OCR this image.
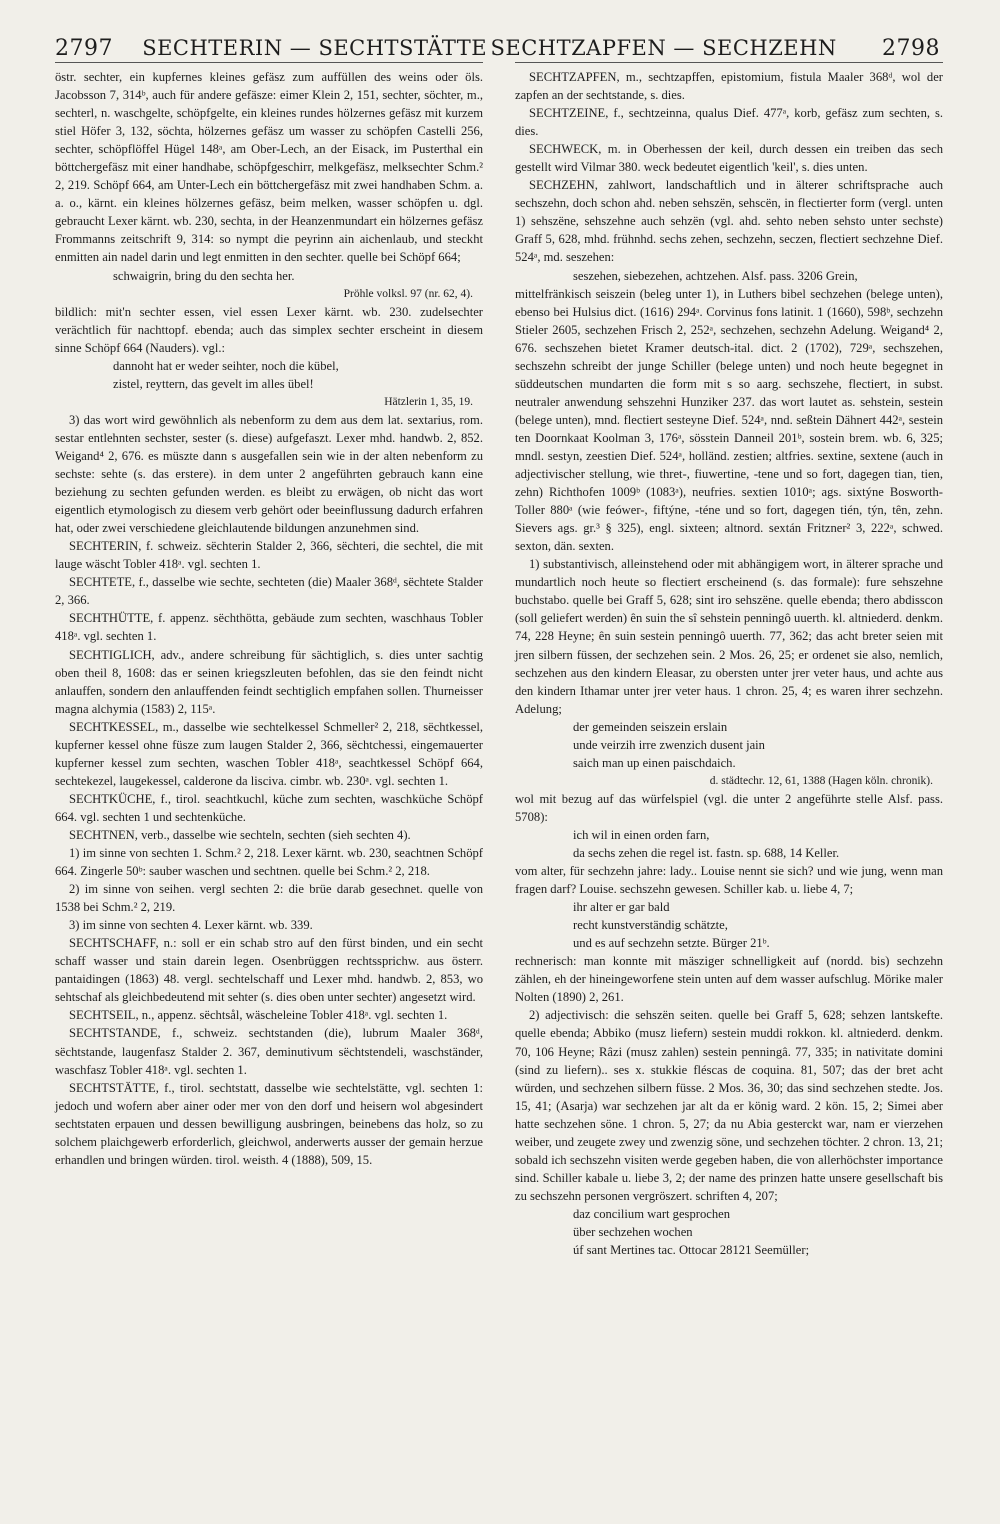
2797 SECHTERIN — SECHTSTÄTTE SECHTZAPFEN — SECHZEHN 2798

östr. sechter, ein kupfernes kleines gefäsz zum auffüllen des weins oder öls. Jacobsson 7, 314ᵇ, auch für andere gefäsze: eimer Klein 2, 151, sechter, söchter, m., sechterl, n. waschgelte, schöpfgelte, ein kleines rundes hölzernes gefäsz mit kurzem stiel Höfer 3, 132, söchta, hölzernes gefäsz um wasser zu schöpfen Castelli 256, sechter, schöpflöffel Hügel 148ᵃ, am Ober-Lech, an der Eisack, im Pusterthal ein böttchergefäsz mit einer handhabe, schöpfgeschirr, melkgefäsz, melksechter Schm.² 2, 219. Schöpf 664, am Unter-Lech ein böttchergefäsz mit zwei handhaben Schm. a. a. o., kärnt. ein kleines hölzernes gefäsz, beim melken, wasser schöpfen u. dgl. gebraucht Lexer kärnt. wb. 230, sechta, in der Heanzenmundart ein hölzernes gefäsz Frommanns zeitschrift 9, 314: so nympt die peyrinn ain aichenlaub, und steckht enmitten ain nadel darin und legt enmitten in den sechter. quelle bei Schöpf 664;

schwaigrin, bring du den sechta her.

Pröhle volksl. 97 (nr. 62, 4).

bildlich: mit'n sechter essen, viel essen Lexer kärnt. wb. 230. zudelsechter verächtlich für nachttopf. ebenda; auch das simplex sechter erscheint in diesem sinne Schöpf 664 (Nauders). vgl.:

dannoht hat er weder seihter, noch die kübel,

zistel, reyttern, das gevelt im alles übel!

Hätzlerin 1, 35, 19.

3) das wort wird gewöhnlich als nebenform zu dem aus dem lat. sextarius, rom. sestar entlehnten sechster, sester (s. diese) aufgefaszt. Lexer mhd. handwb. 2, 852. Weigand⁴ 2, 676. es müszte dann s ausgefallen sein wie in der alten nebenform zu sechste: sehte (s. das erstere). in dem unter 2 angeführten gebrauch kann eine beziehung zu sechten gefunden werden. es bleibt zu erwägen, ob nicht das wort eigentlich etymologisch zu diesem verb gehört oder beeinflussung dadurch erfahren hat, oder zwei verschiedene gleichlautende bildungen anzunehmen sind.

SECHTERIN, f. schweiz. sëchterin Stalder 2, 366, sëchteri, die sechtel, die mit lauge wäscht Tobler 418ᵃ. vgl. sechten 1.

SECHTETE, f., dasselbe wie sechte, sechteten (die) Maaler 368ᵈ, sëchtete Stalder 2, 366.

SECHTHÜTTE, f. appenz. sëchthötta, gebäude zum sechten, waschhaus Tobler 418ᵃ. vgl. sechten 1.

SECHTIGLICH, adv., andere schreibung für sächtiglich, s. dies unter sachtig oben theil 8, 1608: das er seinen kriegszleuten befohlen, das sie den feindt nicht anlauffen, sondern den anlauffenden feindt sechtiglich empfahen sollen. Thurneisser magna alchymia (1583) 2, 115ᵃ.

SECHTKESSEL, m., dasselbe wie sechtelkessel Schmeller² 2, 218, sëchtkessel, kupferner kessel ohne füsze zum laugen Stalder 2, 366, sëchtchessi, eingemauerter kupferner kessel zum sechten, waschen Tobler 418ᵃ, seachtkessel Schöpf 664, sechtekezel, laugekessel, calderone da lisciva. cimbr. wb. 230ᵃ. vgl. sechten 1.

SECHTKÜCHE, f., tirol. seachtkuchl, küche zum sechten, waschküche Schöpf 664. vgl. sechten 1 und sechtenküche.

SECHTNEN, verb., dasselbe wie sechteln, sechten (sieh sechten 4).

1) im sinne von sechten 1. Schm.² 2, 218. Lexer kärnt. wb. 230, seachtnen Schöpf 664. Zingerle 50ᵇ: sauber waschen und sechtnen. quelle bei Schm.² 2, 218.

2) im sinne von seihen. vergl sechten 2: die brüe darab gesechnet. quelle von 1538 bei Schm.² 2, 219.

3) im sinne von sechten 4. Lexer kärnt. wb. 339.

SECHTSCHAFF, n.: soll er ein schab stro auf den fürst binden, und ein secht schaff wasser und stain darein legen. Osenbrüggen rechtssprichw. aus österr. pantaidingen (1863) 48. vergl. sechtelschaff und Lexer mhd. handwb. 2, 853, wo sehtschaf als gleichbedeutend mit sehter (s. dies oben unter sechter) angesetzt wird.

SECHTSEIL, n., appenz. sëchtsål, wäscheleine Tobler 418ᵃ. vgl. sechten 1.

SECHTSTANDE, f., schweiz. sechtstanden (die), lubrum Maaler 368ᵈ, sëchtstande, laugenfasz Stalder 2. 367, deminutivum sëchtstendeli, waschständer, waschfasz Tobler 418ᵃ. vgl. sechten 1.

SECHTSTÄTTE, f., tirol. sechtstatt, dasselbe wie sechtelstätte, vgl. sechten 1: jedoch und wofern aber ainer oder mer von den dorf und heisern wol abgesindert sechtstaten erpauen und dessen bewilligung ausbringen, beinebens das holz, so zu solchem plaichgewerb erforderlich, gleichwol, anderwerts ausser der gemain herzue erhandlen und bringen würden. tirol. weisth. 4 (1888), 509, 15.

SECHTZAPFEN, m., sechtzapffen, epistomium, fistula Maaler 368ᵈ, wol der zapfen an der sechtstande, s. dies.

SECHTZEINE, f., sechtzeinna, qualus Dief. 477ᵃ, korb, gefäsz zum sechten, s. dies.

SECHWECK, m. in Oberhessen der keil, durch dessen ein treiben das sech gestellt wird Vilmar 380. weck bedeutet eigentlich 'keil', s. dies unten.

SECHZEHN, zahlwort, landschaftlich und in älterer schriftsprache auch sechszehn, doch schon ahd. neben sehszën, sehscën, in flectierter form (vergl. unten 1) sehszëne, sehszehne auch sehzën (vgl. ahd. sehto neben sehsto unter sechste) Graff 5, 628, mhd. frühnhd. sechs zehen, sechzehn, seczen, flectiert sechzehne Dief. 524ᵃ, md. seszehen:

seszehen, siebezehen, achtzehen. Alsf. pass. 3206 Grein,

mittelfränkisch seiszein (beleg unter 1), in Luthers bibel sechzehen (belege unten), ebenso bei Hulsius dict. (1616) 294ᵃ. Corvinus fons latinit. 1 (1660), 598ᵇ, sechzehn Stieler 2605, sechzehen Frisch 2, 252ᵃ, sechzehen, sechzehn Adelung. Weigand⁴ 2, 676. sechszehen bietet Kramer deutsch-ital. dict. 2 (1702), 729ᵃ, sechszehen, sechszehn schreibt der junge Schiller (belege unten) und noch heute begegnet in süddeutschen mundarten die form mit s so aarg. sechszehe, flectiert, in subst. neutraler anwendung sehszehni Hunziker 237. das wort lautet as. sehstein, sestein (belege unten), mnd. flectiert sesteyne Dief. 524ᵃ, nnd. seßtein Dähnert 442ᵃ, sestein ten Doornkaat Koolman 3, 176ᵃ, sösstein Danneil 201ᵇ, sostein brem. wb. 6, 325; mndl. sestyn, zeestien Dief. 524ᵃ, holländ. zestien; altfries. sextine, sextene (auch in adjectivischer stellung, wie thret-, fiuwertine, -tene und so fort, dagegen tian, tien, zehn) Richthofen 1009ᵇ (1083ᵃ), neufries. sextien 1010ᵃ; ags. sixtýne Bosworth-Toller 880ᵃ (wie feówer-, fiftýne, -téne und so fort, dagegen tién, týn, tên, zehn. Sievers ags. gr.³ § 325), engl. sixteen; altnord. sextán Fritzner² 3, 222ᵃ, schwed. sexton, dän. sexten.

1) substantivisch, alleinstehend oder mit abhängigem wort, in älterer sprache und mundartlich noch heute so flectiert erscheinend (s. das formale): fure sehszehne buchstabo. quelle bei Graff 5, 628; sint iro sehszëne. quelle ebenda; thero abdisscon (soll geliefert werden) ên suin the sî sehstein penningô uuerth. kl. altniederd. denkm. 74, 228 Heyne; ên suin sestein penningô uuerth. 77, 362; das acht breter seien mit jren silbern füssen, der sechzehen sein. 2 Mos. 26, 25; er ordenet sie also, nemlich, sechzehen aus den kindern Eleasar, zu obersten unter jrer veter haus, und achte aus den kindern Ithamar unter jrer veter haus. 1 chron. 25, 4; es waren ihrer sechzehn. Adelung;

der gemeinden seiszein erslain

unde veirzih irre zwenzich dusent jain

saich man up einen paischdaich.

d. städtechr. 12, 61, 1388 (Hagen köln. chronik).

wol mit bezug auf das würfelspiel (vgl. die unter 2 angeführte stelle Alsf. pass. 5708):

ich wil in einen orden farn,

da sechs zehen die regel ist. fastn. sp. 688, 14 Keller.

vom alter, für sechzehn jahre: lady.. Louise nennt sie sich? und wie jung, wenn man fragen darf? Louise. sechszehn gewesen. Schiller kab. u. liebe 4, 7;

ihr alter er gar bald

recht kunstverständig schätzte,

und es auf sechzehn setzte. Bürger 21ᵇ.

rechnerisch: man konnte mit mäsziger schnelligkeit auf (nordd. bis) sechzehn zählen, eh der hineingeworfene stein unten auf dem wasser aufschlug. Mörike maler Nolten (1890) 2, 261.

2) adjectivisch: die sehszën seiten. quelle bei Graff 5, 628; sehzen lantskefte. quelle ebenda; Abbiko (musz liefern) sestein muddi rokkon. kl. altniederd. denkm. 70, 106 Heyne; Râzi (musz zahlen) sestein penningâ. 77, 335; in nativitate domini (sind zu liefern).. ses x. stukkie fléscas de coquina. 81, 507; das der bret acht würden, und sechzehen silbern füsse. 2 Mos. 36, 30; das sind sechzehen stedte. Jos. 15, 41; (Asarja) war sechzehen jar alt da er könig ward. 2 kön. 15, 2; Simei aber hatte sechzehen söne. 1 chron. 5, 27; da nu Abia gesterckt war, nam er vierzehen weiber, und zeugete zwey und zwenzig söne, und sechzehen töchter. 2 chron. 13, 21; sobald ich sechszehn visiten werde gegeben haben, die von allerhöchster importance sind. Schiller kabale u. liebe 3, 2; der name des prinzen hatte unsere gesellschaft bis zu sechszehn personen vergröszert. schriften 4, 207;

daz concilium wart gesprochen

über sechzehen wochen

úf sant Mertines tac. Ottocar 28121 Seemüller;
